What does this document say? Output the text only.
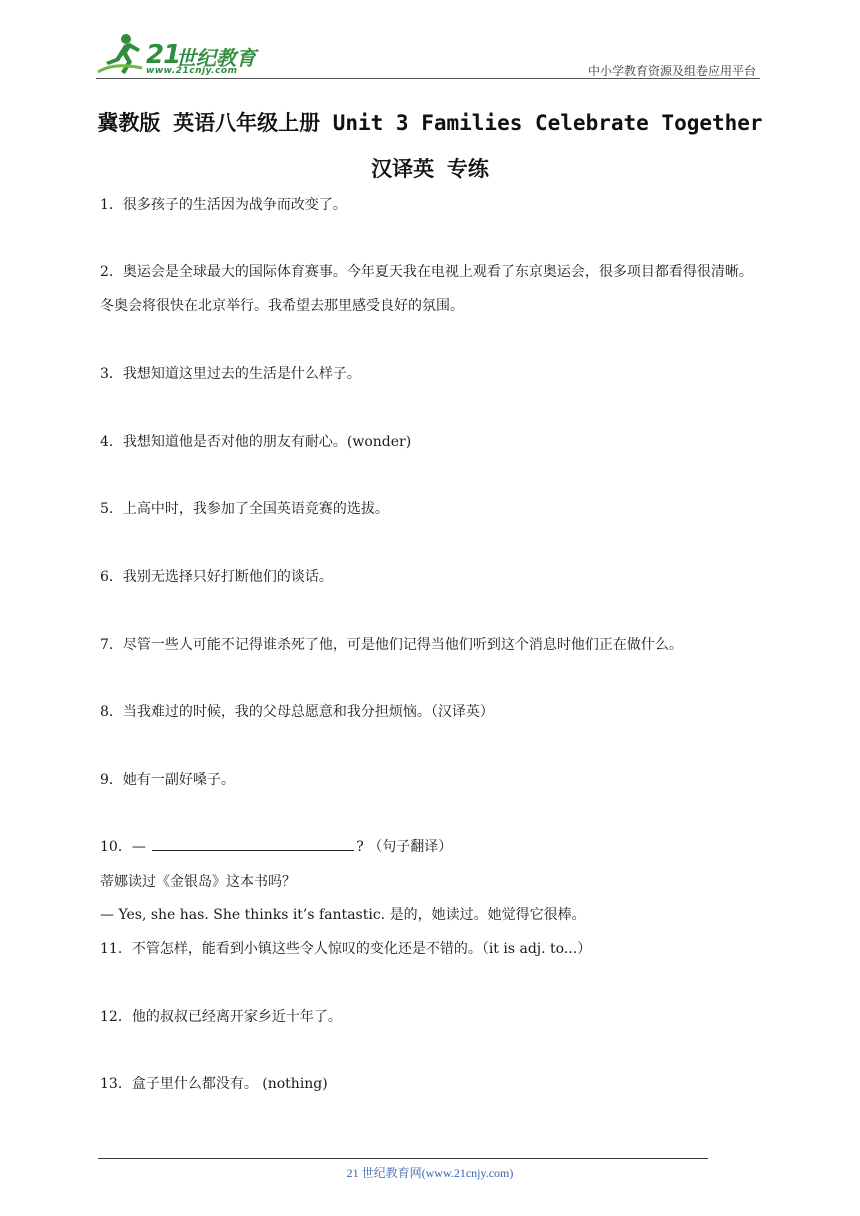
21
世纪教育
www.21cnjy.com	中小学教育资源及组卷应用平台
冀教版 英语八年级上册 Unit 3 Families Celebrate Together 汉译英 专练
1．很多孩子的生活因为战争而改变了。
2．奥运会是全球最大的国际体育赛事。今年夏天我在电视上观看了东京奥运会，很多项目都看得很清晰。冬奥会将很快在北京举行。我希望去那里感受良好的氛围。
3．我想知道这里过去的生活是什么样子。
4．我想知道他是否对他的朋友有耐心。(wonder)
5．上高中时，我参加了全国英语竞赛的选拔。
6．我别无选择只好打断他们的谈话。
7．尽管一些人可能不记得谁杀死了他，可是他们记得当他们听到这个消息时他们正在做什么。
8．当我难过的时候，我的父母总愿意和我分担烦恼。（汉译英）
9．她有一副好嗓子。
10．—	? （句子翻译）
蒂娜读过《金银岛》这本书吗？
— Yes, she has. She thinks it’s fantastic. 是的，她读过。她觉得它很棒。
11．不管怎样，能看到小镇这些令人惊叹的变化还是不错的。（it is adj. to...）
12．他的叔叔已经离开家乡近十年了。
13．盒子里什么都没有。 (nothing)
21 世纪教育网(www.21cnjy.com)
